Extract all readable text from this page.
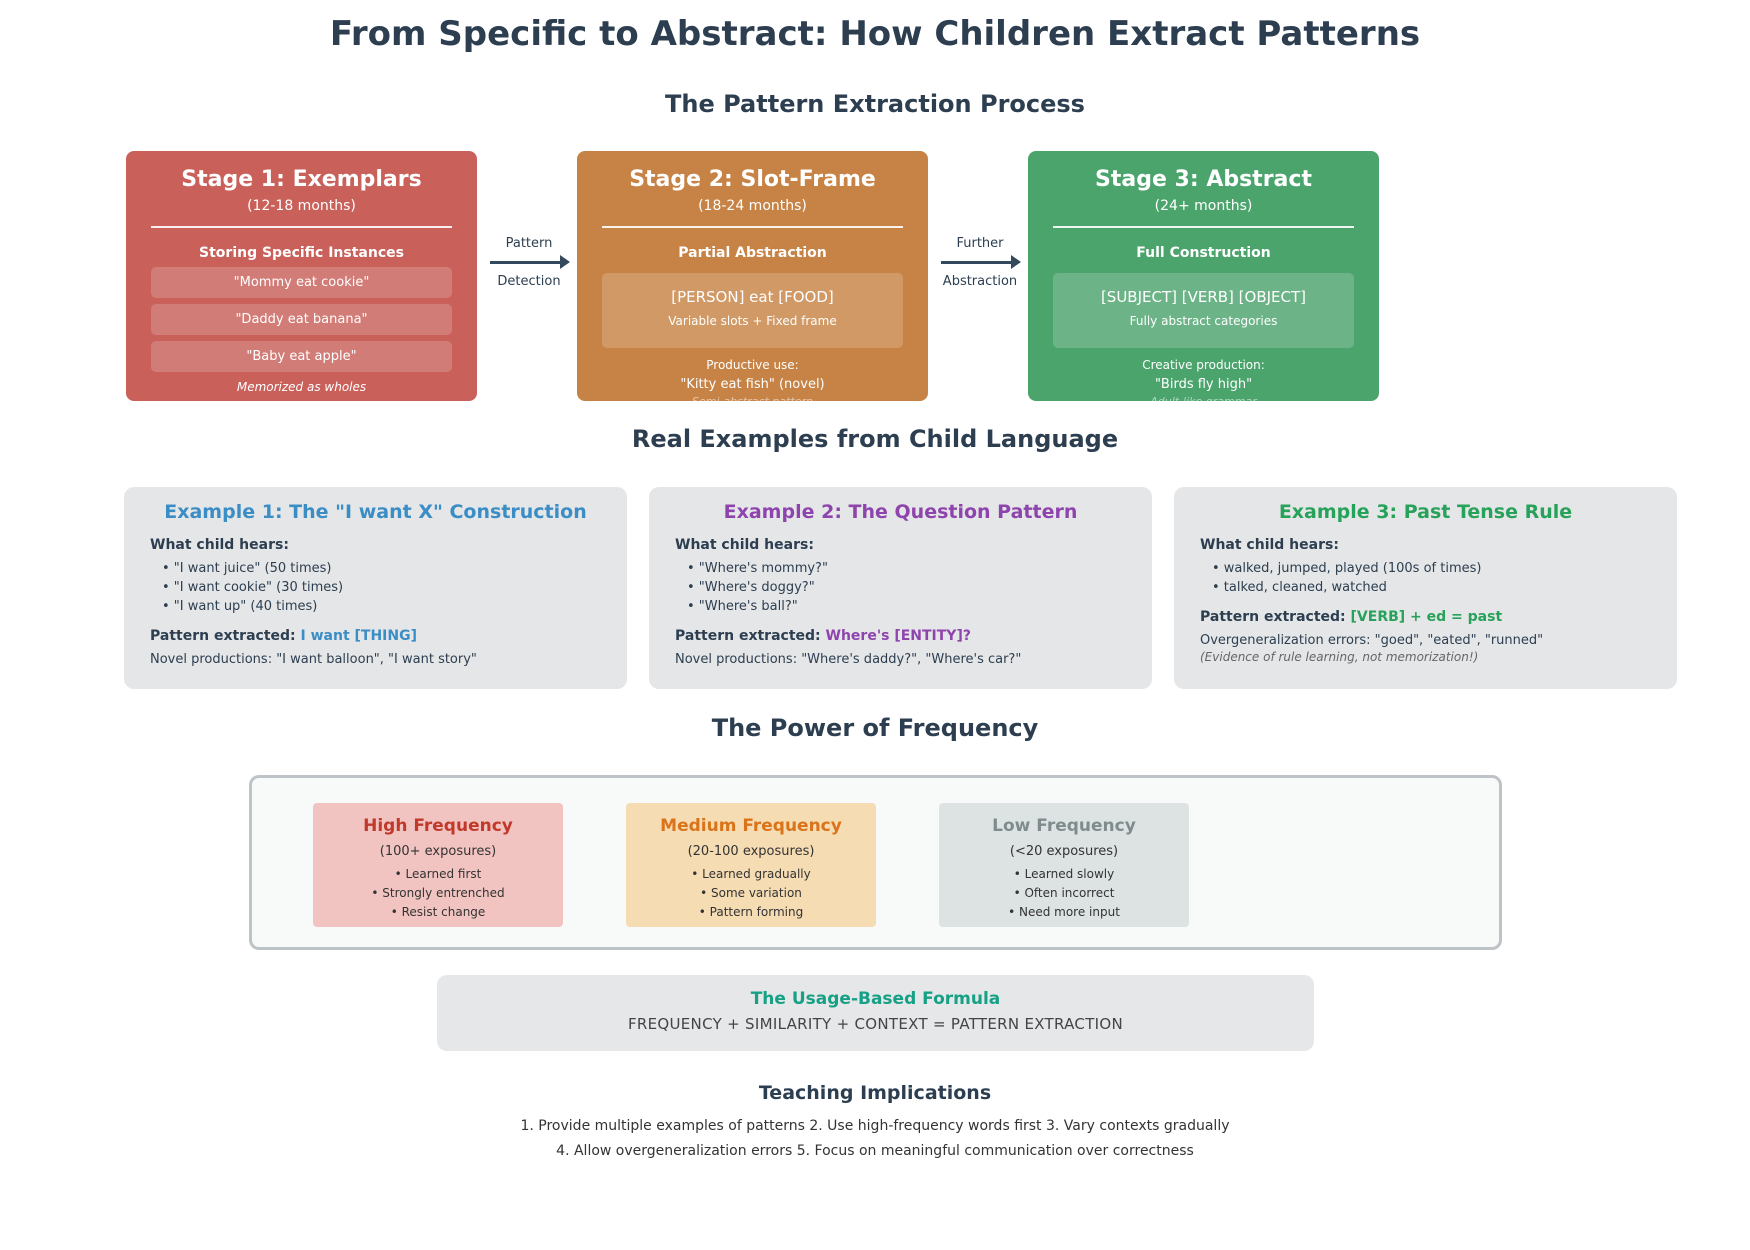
From Specific to Abstract: How Children Extract Patterns
The Pattern Extraction Process
Stage 1: Exemplars
(12-18 months)
Storing Specific Instances
"Mommy eat cookie"
"Daddy eat banana"
"Baby eat apple"
Memorized as wholes
Pattern
Detection
Stage 2: Slot-Frame
(18-24 months)
Partial Abstraction
[PERSON] eat [FOOD]
Variable slots + Fixed frame
Productive use:
"Kitty eat fish" (novel)
Semi-abstract pattern
Further
Abstraction
Stage 3: Abstract
(24+ months)
Full Construction
[SUBJECT] [VERB] [OBJECT]
Fully abstract categories
Creative production:
"Birds fly high"
Adult-like grammar
Real Examples from Child Language
Example 1: The "I want X" Construction
What child hears:
• "I want juice" (50 times)
• "I want cookie" (30 times)
• "I want up" (40 times)
Pattern extracted: I want [THING]
Novel productions: "I want balloon", "I want story"
Example 2: The Question Pattern
What child hears:
• "Where's mommy?"
• "Where's doggy?"
• "Where's ball?"
Pattern extracted: Where's [ENTITY]?
Novel productions: "Where's daddy?", "Where's car?"
Example 3: Past Tense Rule
What child hears:
• walked, jumped, played (100s of times)
• talked, cleaned, watched
Pattern extracted: [VERB] + ed = past
Overgeneralization errors: "goed", "eated", "runned"
(Evidence of rule learning, not memorization!)
The Power of Frequency
High Frequency
(100+ exposures)
• Learned first
• Strongly entrenched
• Resist change
Medium Frequency
(20-100 exposures)
• Learned gradually
• Some variation
• Pattern forming
Low Frequency
(<20 exposures)
• Learned slowly
• Often incorrect
• Need more input
The Usage-Based Formula
FREQUENCY + SIMILARITY + CONTEXT = PATTERN EXTRACTION
Teaching Implications
1. Provide multiple examples of patterns 2. Use high-frequency words first 3. Vary contexts gradually
4. Allow overgeneralization errors 5. Focus on meaningful communication over correctness
